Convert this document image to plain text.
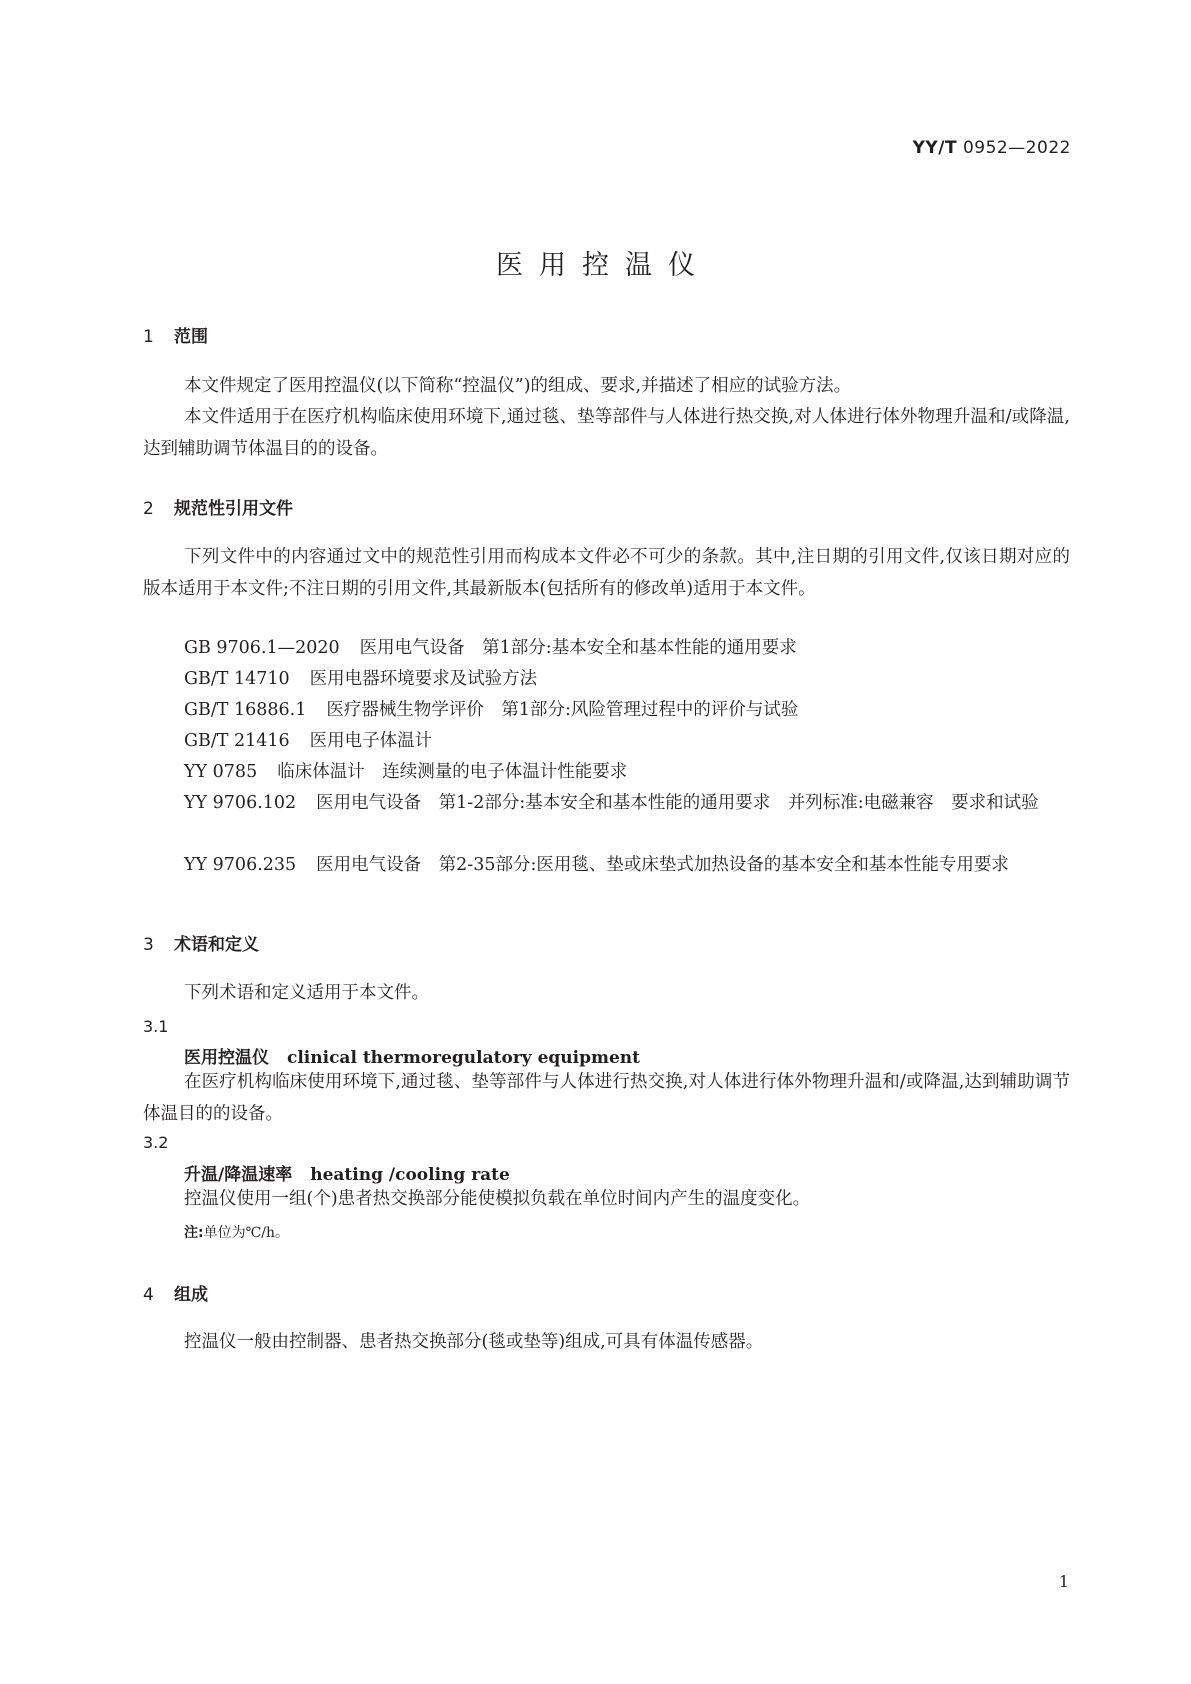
YY/T 0952—2022
医用控温仪
1 范围

本文件规定了医用控温仪(以下简称“控温仪”)的组成、要求,并描述了相应的试验方法。

本文件适用于在医疗机构临床使用环境下,通过毯、垫等部件与人体进行热交换,对人体进行体外物理升温和/或降温,达到辅助调节体温目的的设备。

2 规范性引用文件

下列文件中的内容通过文中的规范性引用而构成本文件必不可少的条款。其中,注日期的引用文件,仅该日期对应的版本适用于本文件;不注日期的引用文件,其最新版本(包括所有的修改单)适用于本文件。

GB 9706.1—2020 医用电气设备　第1部分:基本安全和基本性能的通用要求
GB/T 14710 医用电器环境要求及试验方法
GB/T 16886.1 医疗器械生物学评价　第1部分:风险管理过程中的评价与试验
GB/T 21416 医用电子体温计
YY 0785 临床体温计　连续测量的电子体温计性能要求
YY 9706.102 医用电气设备　第1-2部分:基本安全和基本性能的通用要求　并列标准:电磁兼容　要求和试验
YY 9706.235 医用电气设备　第2-35部分:医用毯、垫或床垫式加热设备的基本安全和基本性能专用要求
3 术语和定义

下列术语和定义适用于本文件。

3.1
医用控温仪 clinical thermoregulatory equipment

在医疗机构临床使用环境下,通过毯、垫等部件与人体进行热交换,对人体进行体外物理升温和/或降温,达到辅助调节体温目的的设备。

3.2
升温/降温速率 heating /cooling rate

控温仪使用一组(个)患者热交换部分能使模拟负载在单位时间内产生的温度变化。

注:单位为℃/h。
4 组成

控温仪一般由控制器、患者热交换部分(毯或垫等)组成,可具有体温传感器。

1
